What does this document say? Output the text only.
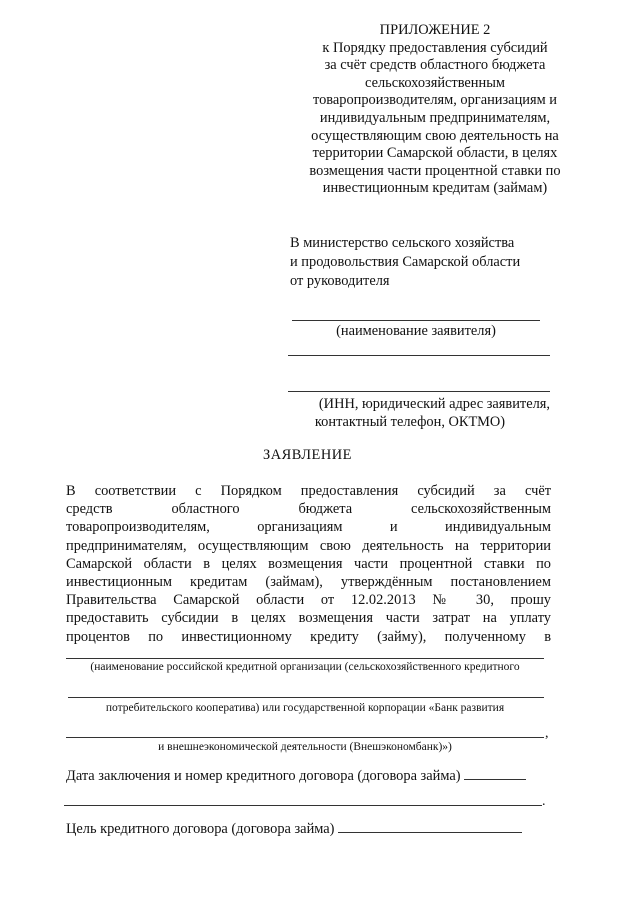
ПРИЛОЖЕНИЕ 2
к Порядку предоставления субсидий
за счёт средств областного бюджета
сельскохозяйственным
товаропроизводителям, организациям и
индивидуальным предпринимателям,
осуществляющим свою деятельность на
территории Самарской области, в целях
возмещения части процентной ставки по
инвестиционным кредитам (займам)
В министерство сельского хозяйства
и продовольствия Самарской области
от руководителя
(наименование заявителя)
(ИНН, юридический адрес заявителя,
контактный телефон, ОКТМО)
ЗАЯВЛЕНИЕ
В соответствии с Порядком предоставления субсидий за счёт
средств областного бюджета сельскохозяйственным
товаропроизводителям, организациям и индивидуальным
предпринимателям, осуществляющим свою деятельность на территории
Самарской области в целях возмещения части процентной ставки по
инвестиционным кредитам (займам), утверждённым постановлением
Правительства Самарской области от 12.02.2013 № 30, прошу
предоставить субсидии в целях возмещения части затрат на уплату
процентов по инвестиционному кредиту (займу), полученному в
(наименование российской кредитной организации (сельскохозяйственного кредитного
потребительского кооператива) или государственной корпорации «Банк развития
,
и внешнеэкономической деятельности (Внешэкономбанк)»)
Дата заключения и номер кредитного договора (договора займа)
.
Цель кредитного договора (договора займа)
